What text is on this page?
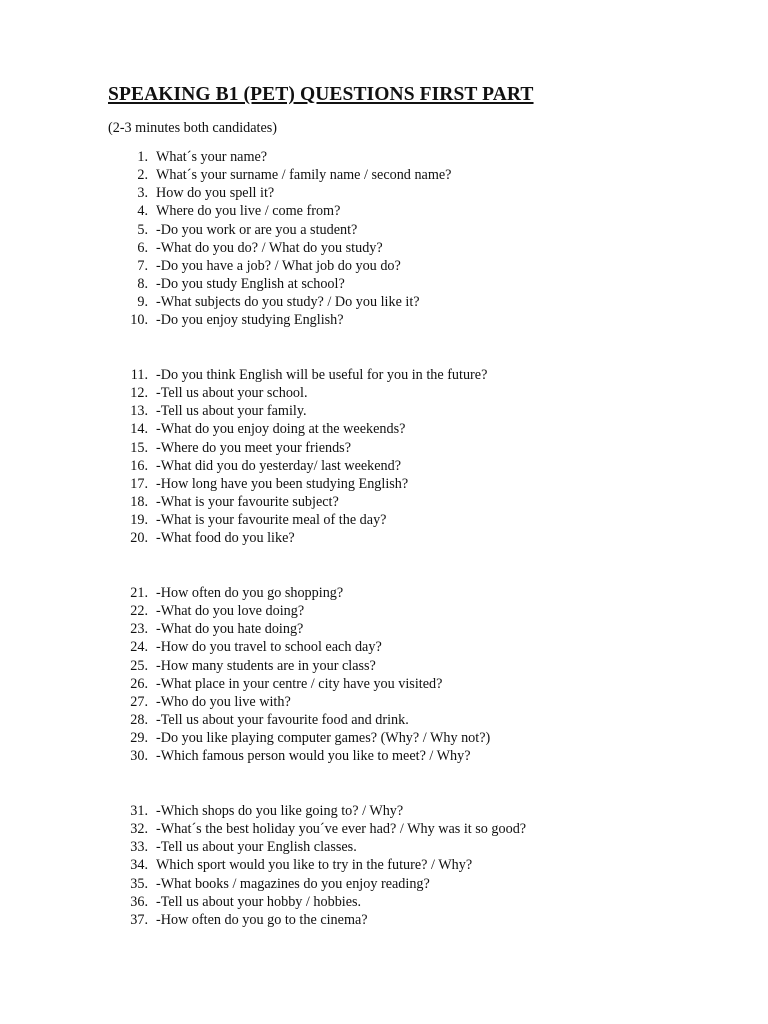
SPEAKING B1 (PET) QUESTIONS FIRST PART
(2-3 minutes both candidates)
1. What´s your name?
2. What´s your surname / family name / second name?
3. How do you spell it?
4. Where do you live / come from?
5. -Do you work or are you a student?
6. -What do you do? / What do you study?
7. -Do you have a job? / What job do you do?
8. -Do you study English at school?
9. -What subjects do you study? / Do you like it?
10. -Do you enjoy studying English?
11. -Do you think English will be useful for you in the future?
12. -Tell us about your school.
13. -Tell us about your family.
14. -What do you enjoy doing at the weekends?
15. -Where do you meet your friends?
16. -What did you do yesterday/ last weekend?
17. -How long have you been studying English?
18. -What is your favourite subject?
19. -What is your favourite meal of the day?
20. -What food do you like?
21. -How often do you go shopping?
22. -What do you love doing?
23. -What do you hate doing?
24. -How do you travel to school each day?
25. -How many students are in your class?
26. -What place in your centre / city have you visited?
27. -Who do you live with?
28. -Tell us about your favourite food and drink.
29. -Do you like playing computer games? (Why? / Why not?)
30. -Which famous person would you like to meet? / Why?
31. -Which shops do you like going to? / Why?
32. -What´s the best holiday you´ve ever had? / Why was it so good?
33. -Tell us about your English classes.
34. Which sport would you like to try in the future? / Why?
35. -What books / magazines do you enjoy reading?
36. -Tell us about your hobby / hobbies.
37. -How often do you go to the cinema?
